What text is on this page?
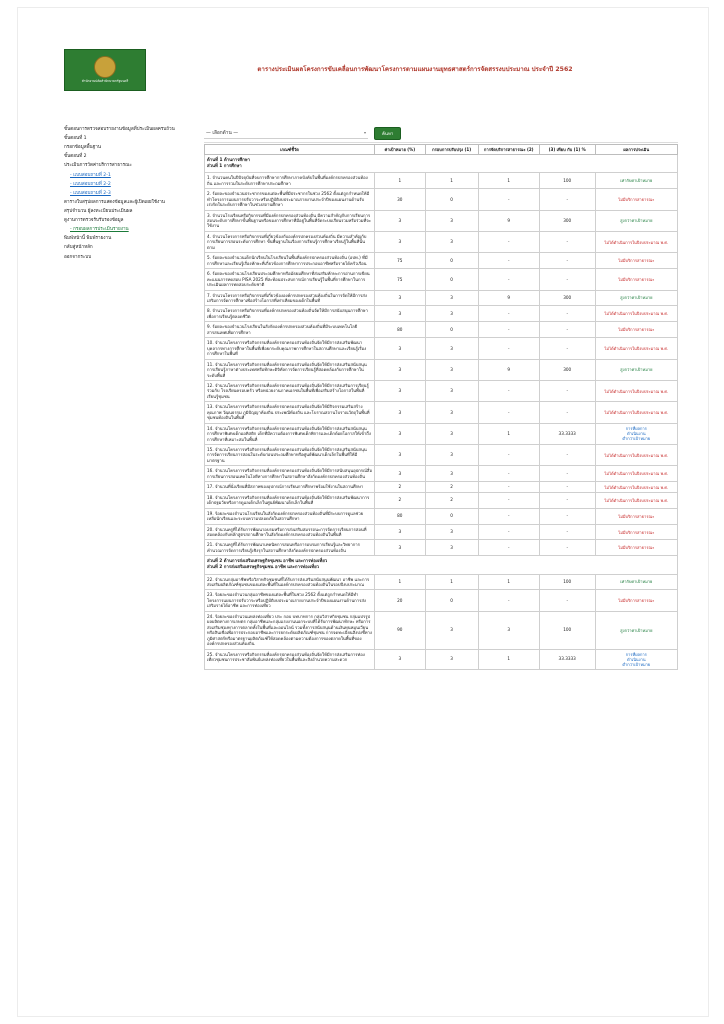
สำนักงานปลัดสำนักนายกรัฐมนตรี
ตารางประเมินผลโครงการขับเคลื่อนการพัฒนาโครงการตามแผนงานยุทธศาสตร์การจัดสรรงบประมาณ ประจำปี 2562
ขั้นตอนการตรวจสอบรายงานข้อมูลที่ประเมินผลครบถ้วน
ขั้นตอนที่ 1
กรอกข้อมูลพื้นฐาน
ขั้นตอนที่ 2
ประเมินการวัดค่าบริการสาธารณะ
- แบบสอบถามที่ 2-1
- แบบสอบถามที่ 2-2
- แบบสอบถามที่ 2-3
ตารางใบสรุปผลการแสดงข้อมูลและผู้เปิดเผยใช้งาน
สรุปจำนวน ผู้ลงทะเบียนประเมินผล
ดูงานการตรวจรับรับรองข้อมูล
- กรอบผลการประเมินรายงาน
พิมพ์หน้านี้ พิมพ์รายงาน
กลับสู่หน้าหลัก
ออกจากระบบ
— เลือกด้าน —	▾	ค้นหา
เกณฑ์ชี้วัด	ค่าเป้าหมาย (%)	กรอบการปรับปรุง (1)	การจัดบริการสาธารณะ (2)	(3) เทียบ กับ (1) %	ผลการประเมิน

ด้านที่ 1 ด้านการศึกษา
ส่วนที่ 1 การศึกษา					

1. จำนวนคนในปีปัจจุบันที่จบการศึกษาการศึกษาภาคบังคับในพื้นที่องค์กรปกครองส่วนท้องถิ่น และการรวมในระดับการศึกษาประถมศึกษา	1	1	1	100	เท่ากับค่าเป้าหมาย
2. ร้อยละของจำนวนประชากรของแต่ละพื้นที่มีประชากรในช่วง 2562 ตั้งแต่ถูกกำหนดให้มีทำโครงการแผนการปรับวาระหรือปฏิบัติงบประมาณรายงานประจำปีของแผนงานด้านรับเร่งรัดในระดับการศึกษาในช่วงสถานศึกษา	30	0	-	-	ไม่มีบริการสาธารณะ
3. จำนวนโรงเรียนหรือกิจกรรมที่มีองค์กรปกครองส่วนท้องถิ่น มีความสำคัญกับการเรียนการสอนระดับการศึกษาขั้นพื้นฐานหรือของการศึกษาที่มีอยู่ในพื้นที่จัดระบบเรียนรวมหรือร่วมที่จะใช้งาน	3	3	9	300	สูงกว่าค่าเป้าหมาย
4. จำนวนโครงการหรือกิจกรรมที่เกี่ยวข้องกับองค์กรปกครองส่วนท้องถิ่น มีความสำคัญกับการเรียนการสอนระดับการศึกษา ขั้นพื้นฐานในเรื่องการเรียนรู้การศึกษาเรียนรู้ในพื้นที่นั้นตาม	3	3	-	-	ไม่ได้ดำเนินการในปีงบประมาณ พ.ศ.
5. ร้อยละของจำนวนเด็กนักเรียนในโรงเรียนในพื้นที่องค์กรปกครองส่วนท้องถิ่น (อปท.) ที่มีการศึกษาและเรียนรู้เรื่องทักษะที่เกี่ยวข้องการศึกษาการประกอบอาชีพหรือรายได้ครัวเรือน	75	0	-	-	ไม่มีบริการสาธารณะ
6. ร้อยละของจำนวนโรงเรียนประถมศึกษาหรือมัธยมศึกษาที่ส่งเสริมทักษะการอ่านการเขียนคะแนนการทดสอบ PISA 2025 ที่สะท้อนประสบการณ์การเรียนรู้ในพื้นที่การศึกษาในการประเมินผลการทดสอบระดับชาติ	75	0	-	-	ไม่มีบริการสาธารณะ
7. จำนวนโครงการหรือกิจกรรมที่เกี่ยวข้ององค์กรปกครองส่วนท้องถิ่นในการจัดให้มีการส่งเสริมการจัดการศึกษาเพื่อสร้างโอกาสที่เท่าเทียมของเด็กในพื้นที่	3	3	9	300	สูงกว่าค่าเป้าหมาย
8. จำนวนโครงการหรือกิจกรรมที่องค์กรปกครองส่วนท้องถิ่นจัดให้มีการสนับสนุนการศึกษาเพื่อการเรียนรู้ตลอดชีวิต	3	3	-	-	ไม่ได้ดำเนินการในปีงบประมาณ พ.ศ.
9. ร้อยละของจำนวนโรงเรียนในสังกัดองค์กรปกครองส่วนท้องถิ่นที่มีระบบเทคโนโลยีสารสนเทศเพื่อการศึกษา	80	0	-	-	ไม่มีบริการสาธารณะ
10. จำนวนโครงการหรือกิจกรรมที่องค์กรปกครองส่วนท้องถิ่นจัดให้มีการส่งเสริมพัฒนาบุคลากรทางการศึกษาในพื้นที่เพื่อยกระดับคุณภาพการศึกษาในสถานศึกษาและเรียนรู้เรื่องการศึกษาในพื้นที่	3	3	-	-	ไม่ได้ดำเนินการในปีงบประมาณ พ.ศ.
11. จำนวนโครงการหรือกิจกรรมที่องค์กรปกครองส่วนท้องถิ่นจัดให้มีการส่งเสริมสนับสนุนการเรียนรู้ภาษาต่างประเทศหรือทักษะดิจิทัลการจัดการเรียนรู้ที่สอดคล้องกับการศึกษาในระดับพื้นที่	3	3	9	300	สูงกว่าค่าเป้าหมาย
12. จำนวนโครงการหรือกิจกรรมที่องค์กรปกครองส่วนท้องถิ่นจัดให้มีการส่งเสริมการเรียนรู้ร่วมกับ โรงเรียนครอบครัว หรือหน่วยงานภาคเอกชนในพื้นที่เพื่อเสริมสร้างโอกาสในพื้นที่เรียนรู้ชุมชน	3	3	-	-	ไม่ได้ดำเนินการในปีงบประมาณ พ.ศ.
13. จำนวนโครงการหรือกิจกรรมที่องค์กรปกครองส่วนท้องถิ่นจัดให้มีกิจกรรมเสริมสร้างคุณภาพ วัฒนธรรม ภูมิปัญญาท้องถิ่น ประเพณีท้องถิ่น และโบราณสถานโบราณวัตถุในพื้นที่ชุมชนท้องถิ่นในพื้นที่	3	3	-	-	ไม่ได้ดำเนินการในปีงบประมาณ พ.ศ.
14. จำนวนโครงการหรือกิจกรรมที่องค์กรปกครองส่วนท้องถิ่นจัดให้มีการส่งเสริมสนับสนุนการศึกษาพิเศษเด็กออทิสติก เด็กที่มีความต้องการพิเศษเด็กพิการและเด็กด้อยโอกาสให้เข้าถึงการศึกษาที่เหมาะสมในพื้นที่	3	3	1	33.3333	การที่ผลการ
ดำเนินงาน
ต่ำกว่าเป้าหมาย
15. จำนวนโครงการหรือกิจกรรมที่องค์กรปกครองส่วนท้องถิ่นจัดให้มีการส่งเสริมสนับสนุนการจัดการเรียนการสอนในระดับก่อนประถมศึกษาหรือศูนย์พัฒนาเด็กเล็กในพื้นที่ให้มีมาตรฐาน	3	3	-	-	ไม่ได้ดำเนินการในปีงบประมาณ พ.ศ.
16. จำนวนโครงการหรือกิจกรรมที่องค์กรปกครองส่วนท้องถิ่นจัดให้มีการสนับสนุนอุปกรณ์สื่อการเรียนการสอนเทคโนโลยีทางการศึกษาในสถานศึกษาสังกัดองค์กรปกครองส่วนท้องถิ่น	3	3	-	-	ไม่ได้ดำเนินการในปีงบประมาณ พ.ศ.
17. จำนวนที่นั่งเรียนที่มีสภาพของอุปกรณ์การเรียนการศึกษาพร้อมใช้งานในสถานศึกษา	2	2	-	-	ไม่ได้ดำเนินการในปีงบประมาณ พ.ศ.
18. จำนวนโครงการหรือกิจกรรมที่องค์กรปกครองส่วนท้องถิ่นจัดให้มีการส่งเสริมพัฒนาการเด็กปฐมวัยหรือการดูแลเด็กเล็กในศูนย์พัฒนาเด็กเล็กในพื้นที่	2	2	-	-	ไม่ได้ดำเนินการในปีงบประมาณ พ.ศ.
19. ร้อยละของจำนวนโรงเรียนในสังกัดองค์กรปกครองส่วนท้องถิ่นที่มีระบบการดูแลช่วยเหลือนักเรียนและระบบความปลอดภัยในสถานศึกษา	80	0	-	-	ไม่มีบริการสาธารณะ
20. จำนวนครูที่ได้รับการพัฒนาอบรมหรือการส่งเสริมสมรรถนะการจัดการเรียนการสอนที่สอดคล้องกับหลักสูตรสถานศึกษาในสังกัดองค์กรปกครองส่วนท้องถิ่นในพื้นที่	3	3	-	-	ไม่มีบริการสาธารณะ
21. จำนวนครูที่ได้รับการพัฒนาเทคนิคการสอนหรือการอบรมการเรียนรู้และวิทยาการคำนวณการจัดการเรียนรู้เชิงรุกในสถานศึกษาสังกัดองค์กรปกครองส่วนท้องถิ่น	3	3	-	-	ไม่มีบริการสาธารณะ

ส่วนที่ 2 ด้านการส่งเสริมเศรษฐกิจชุมชน อาชีพ และการท่องเที่ยว
ส่วนที่ 2 การส่งเสริมเศรษฐกิจชุมชน อาชีพ และการท่องเที่ยว					

22. จำนวนกลุ่มอาชีพหรือวิสาหกิจชุมชนที่ได้รับการส่งเสริมสนับสนุนพัฒนา อาชีพ และการส่งเสริมผลิตภัณฑ์ชุมชนของแต่ละพื้นที่ในองค์กรปกครองส่วนท้องถิ่นในรอบปีงบประมาณ	1	1	1	100	เท่ากับค่าเป้าหมาย
23. ร้อยละของจำนวนกลุ่มอาชีพของแต่ละพื้นที่ในช่วง 2562 ตั้งแต่ถูกกำหนดให้มีทำโครงการแผนการปรับวาระหรือปฏิบัติงบประมาณรายงานประจำปีของแผนงานด้านการส่งเสริมรายได้อาชีพ และการท่องเที่ยว	20	0	-	-	ไม่มีบริการสาธารณะ
24. ร้อยละของจำนวนแหล่งท่องเที่ยว ประ กอบ บทบาทการ กลุ่มวิสาหกิจชุมชน กลุ่มแปรรูปผลผลิตทางการเกษตร กลุ่มอาชีพและกลุ่มแรงงานนอกระบบที่ได้รับการพัฒนาทักษะ หรือการส่งเสริมช่องทางการตลาดทั้งในพื้นที่และออนไลน์ รวมทั้งการสนับสนุนด้านเงินทุนหมุนเวียนหรือสินเชื่อเพื่อการประกอบอาชีพและการยกระดับผลิตภัณฑ์ชุมชน การจดทะเบียนสิ่งบ่งชี้ทางภูมิศาสตร์หรือมาตรฐานผลิตภัณฑ์ให้สอดคล้องตามความต้องการของตลาดในพื้นที่ขององค์กรปกครองส่วนท้องถิ่น	90	3	3	100	สูงกว่าค่าเป้าหมาย
25. จำนวนโครงการหรือกิจกรรมที่องค์กรปกครองส่วนท้องถิ่นจัดให้มีการส่งเสริมการท่องเที่ยวชุมชนการประชาสัมพันธ์แหล่งท่องเที่ยวในพื้นที่และสิ่งอำนวยความสะดวก	3	3	1	33.3333	การที่ผลการ
ดำเนินงาน
ต่ำกว่าเป้าหมาย
